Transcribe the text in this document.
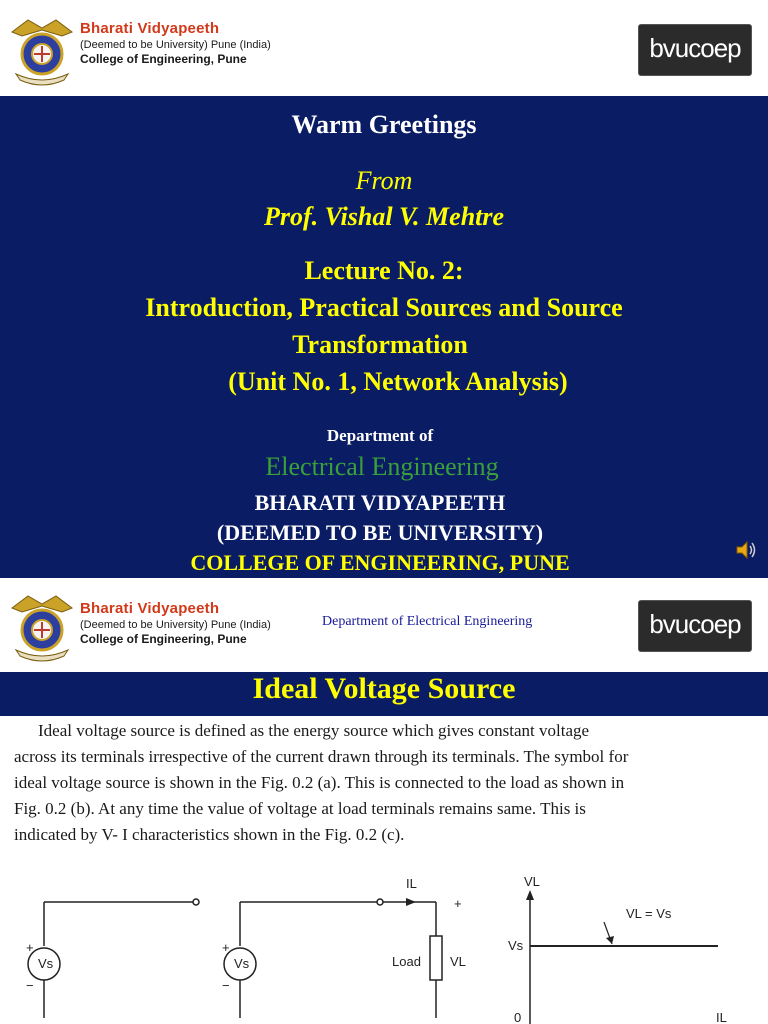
Bharati Vidyapeeth
(Deemed to be University) Pune (India)
College of Engineering, Pune	bvucoep
Warm Greetings
From
Prof. Vishal V. Mehtre
Lecture No. 2:
Introduction, Practical Sources and Source
Transformation
(Unit No. 1, Network Analysis)
Department of
Electrical Engineering
BHARATI VIDYAPEETH
(DEEMED TO BE UNIVERSITY)
COLLEGE OF ENGINEERING, PUNE
Bharati Vidyapeeth
(Deemed to be University) Pune (India)
College of Engineering, Pune
Department of Electrical Engineering	bvucoep
Ideal Voltage Source
Ideal voltage source is defined as the energy source which gives constant voltage
across its terminals irrespective of the current drawn through its terminals. The symbol for
ideal voltage source is shown in the Fig. 0.2 (a). This is connected to the load as shown in
Fig. 0.2 (b). At any time the value of voltage at load terminals remains same. This is
indicated by V- I characteristics shown in the Fig. 0.2 (c).
Vs
+
−
Vs
+
−
IL
+
Load VL
VL
Vs
VL = Vs
0	IL
